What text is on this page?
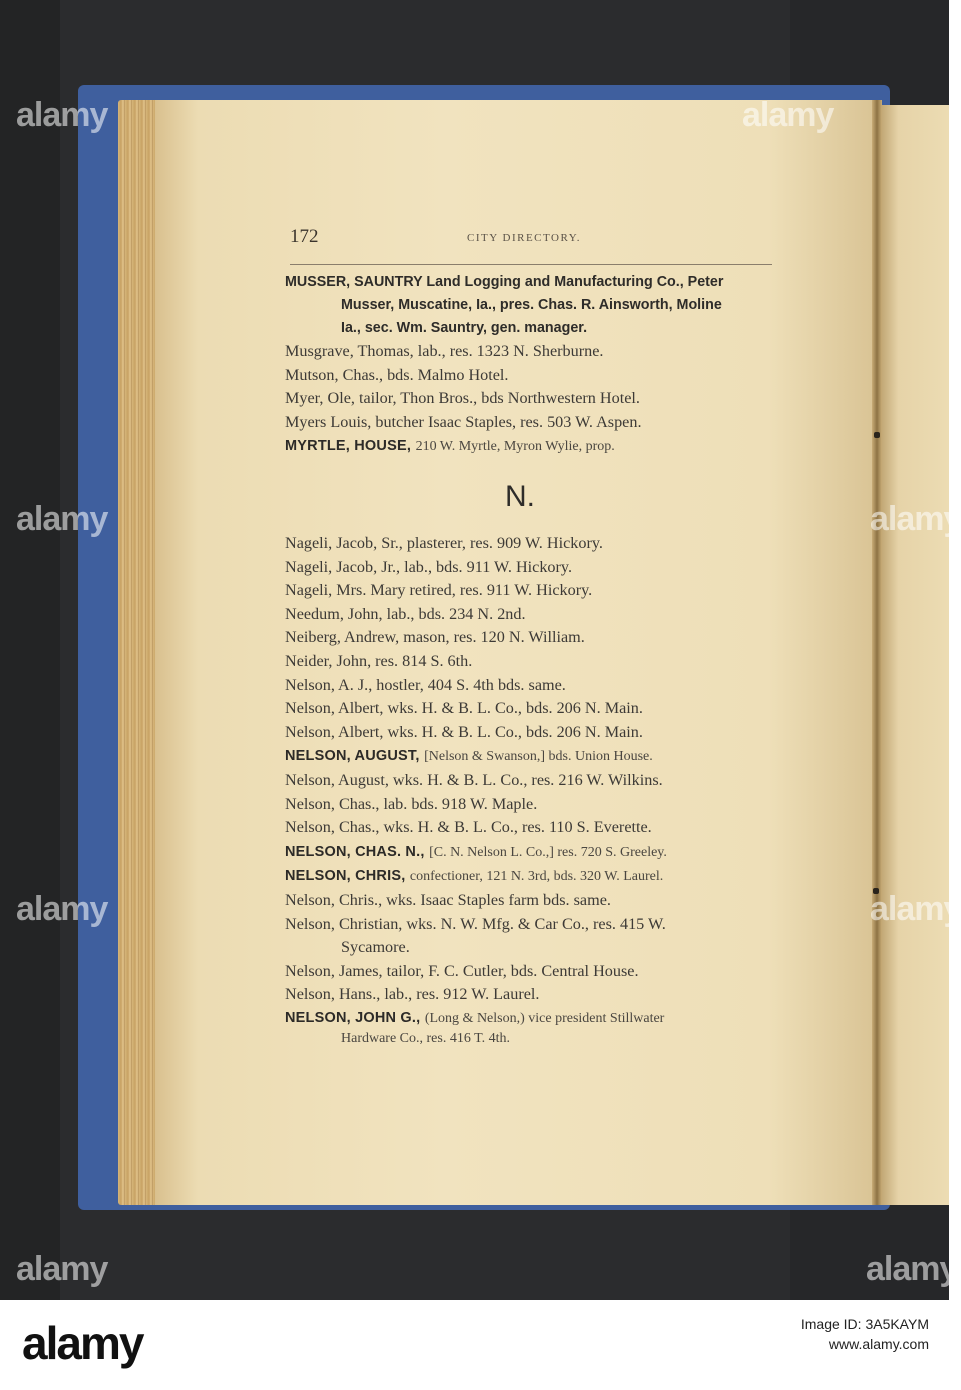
alamy	alamy
alamy	alamy
alamy	alamy
alamy	alamy
172	CITY DIRECTORY.
MUSSER, SAUNTRY Land Logging and Manufacturing Co., Peter
Musser, Muscatine, Ia., pres. Chas. R. Ainsworth, Moline
Ia., sec. Wm. Sauntry, gen. manager.
Musgrave, Thomas, lab., res. 1323 N. Sherburne.
Mutson, Chas., bds. Malmo Hotel.
Myer, Ole, tailor, Thon Bros., bds Northwestern Hotel.
Myers Louis, butcher Isaac Staples, res. 503 W. Aspen.
MYRTLE, HOUSE, 210 W. Myrtle, Myron Wylie, prop.
N.
Nageli, Jacob, Sr., plasterer, res. 909 W. Hickory.
Nageli, Jacob, Jr., lab., bds. 911 W. Hickory.
Nageli, Mrs. Mary retired, res. 911 W. Hickory.
Needum, John, lab., bds. 234 N. 2nd.
Neiberg, Andrew, mason, res. 120 N. William.
Neider, John, res. 814 S. 6th.
Nelson, A. J., hostler, 404 S. 4th bds. same.
Nelson, Albert, wks. H. & B. L. Co., bds. 206 N. Main.
Nelson, Albert, wks. H. & B. L. Co., bds. 206 N. Main.
NELSON, AUGUST, [Nelson & Swanson,] bds. Union House.
Nelson, August, wks. H. & B. L. Co., res. 216 W. Wilkins.
Nelson, Chas., lab. bds. 918 W. Maple.
Nelson, Chas., wks. H. & B. L. Co., res. 110 S. Everette.
NELSON, CHAS. N., [C. N. Nelson L. Co.,] res. 720 S. Greeley.
NELSON, CHRIS, confectioner, 121 N. 3rd, bds. 320 W. Laurel.
Nelson, Chris., wks. Isaac Staples farm bds. same.
Nelson, Christian, wks. N. W. Mfg. & Car Co., res. 415 W.
Sycamore.
Nelson, James, tailor, F. C. Cutler, bds. Central House.
Nelson, Hans., lab., res. 912 W. Laurel.
NELSON, JOHN G., (Long & Nelson,) vice president Stillwater
Hardware Co., res. 416 T. 4th.
alamy	Image ID: 3A5KAYM
www.alamy.com
